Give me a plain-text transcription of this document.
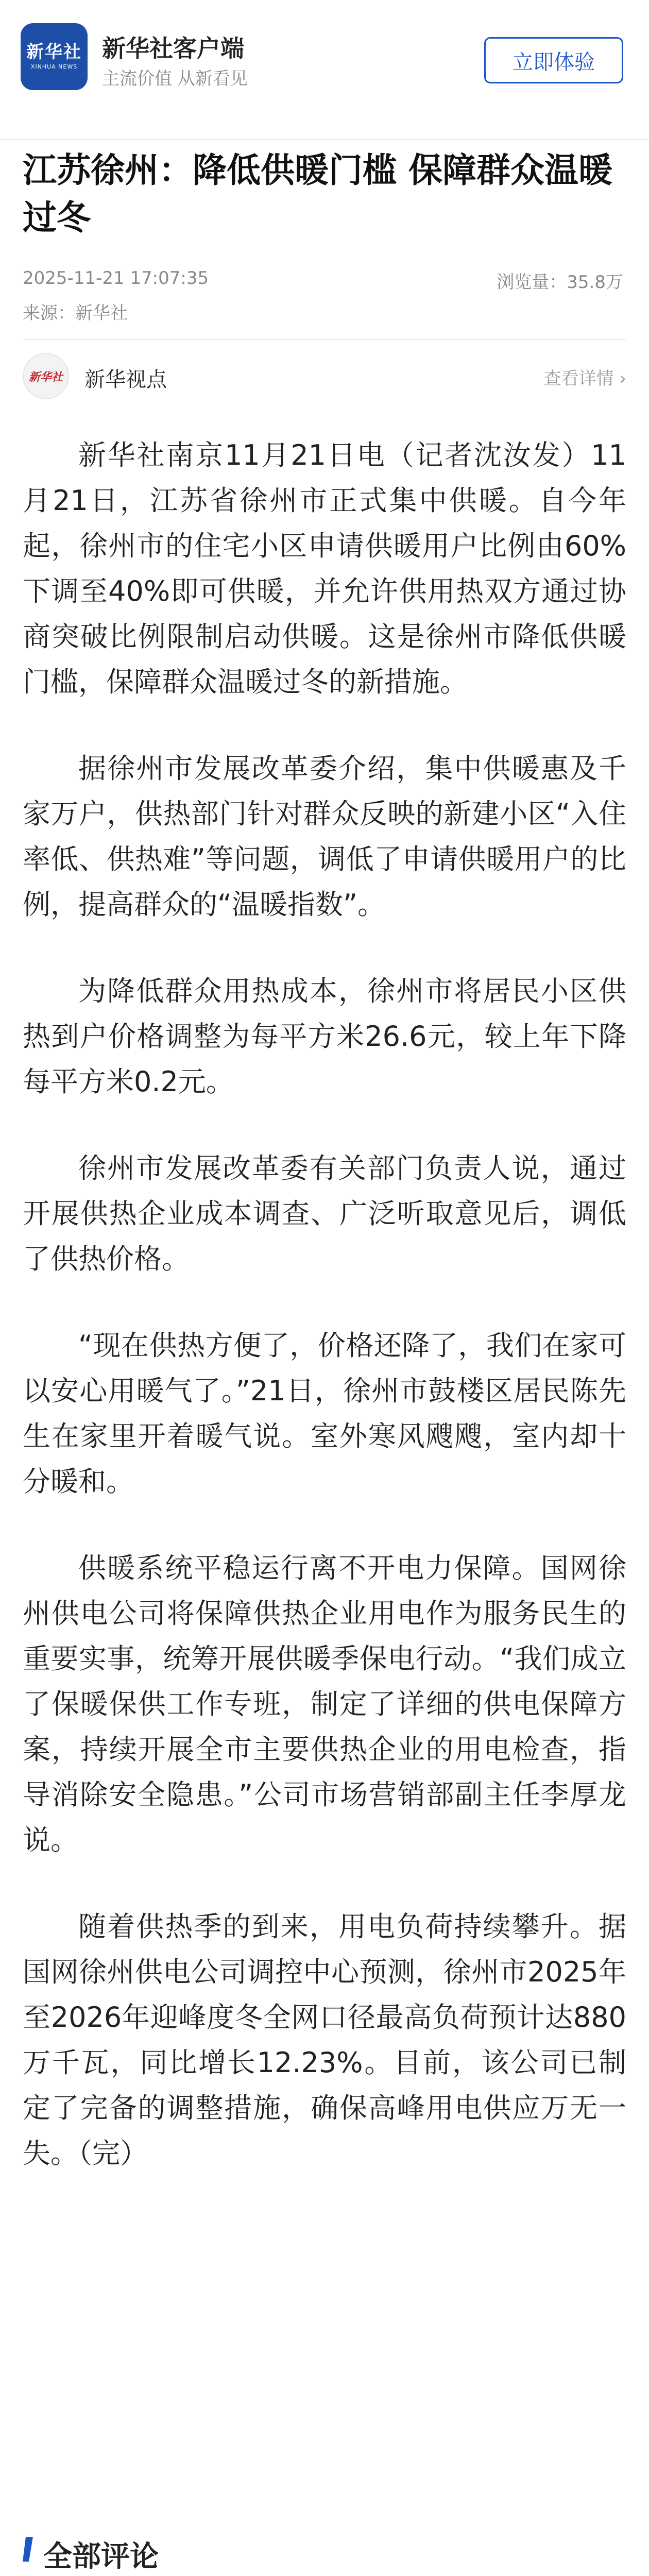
新华社
XINHUA NEWS
新华社客户端
主流价值 从新看见
立即体验
江苏徐州：降低供暖门槛 保障群众温暖过冬
2025-11-21 17:07:35	浏览量：35.8万
来源：新华社
新华社	新华视点	查看详情 ›

新华社南京11月21日电（记者沈汝发）11月21日，江苏省徐州市正式集中供暖。自今年起，徐州市的住宅小区申请供暖用户比例由60%下调至40%即可供暖，并允许供用热双方通过协商突破比例限制启动供暖。这是徐州市降低供暖门槛，保障群众温暖过冬的新措施。

据徐州市发展改革委介绍，集中供暖惠及千家万户，供热部门针对群众反映的新建小区“入住率低、供热难”等问题，调低了申请供暖用户的比例，提高群众的“温暖指数”。

为降低群众用热成本，徐州市将居民小区供热到户价格调整为每平方米26.6元，较上年下降每平方米0.2元。

徐州市发展改革委有关部门负责人说，通过开展供热企业成本调查、广泛听取意见后，调低了供热价格。

“现在供热方便了，价格还降了，我们在家可以安心用暖气了。”21日，徐州市鼓楼区居民陈先生在家里开着暖气说。室外寒风飕飕，室内却十分暖和。

供暖系统平稳运行离不开电力保障。国网徐州供电公司将保障供热企业用电作为服务民生的重要实事，统筹开展供暖季保电行动。“我们成立了保暖保供工作专班，制定了详细的供电保障方案，持续开展全市主要供热企业的用电检查，指导消除安全隐患。”公司市场营销部副主任李厚龙说。

随着供热季的到来，用电负荷持续攀升。据国网徐州供电公司调控中心预测，徐州市2025年至2026年迎峰度冬全网口径最高负荷预计达880万千瓦，同比增长12.23%。目前，该公司已制定了完备的调整措施，确保高峰用电供应万无一失。（完）

全部评论
